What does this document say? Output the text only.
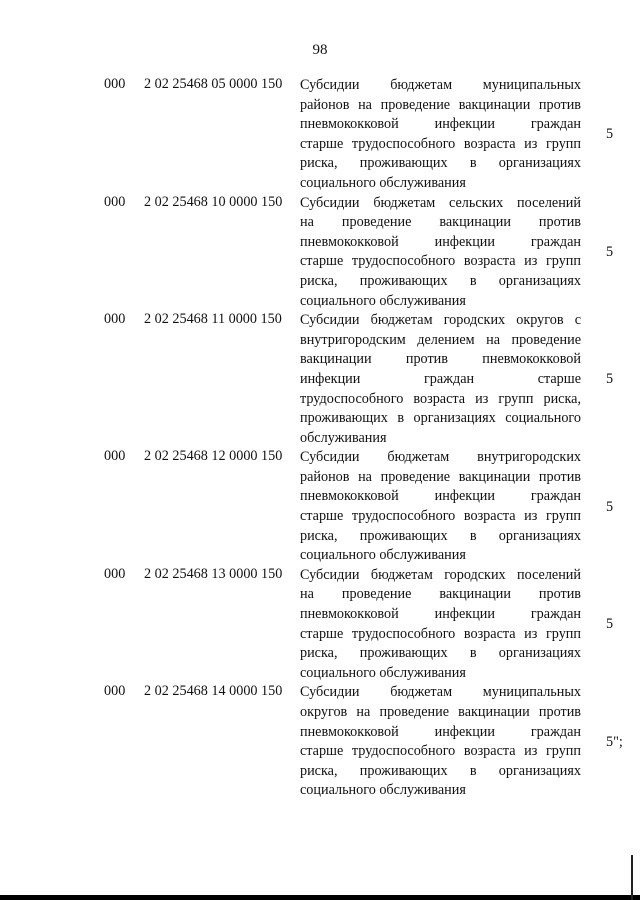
98
000 2 02 25468 05 0000 150 Субсидии бюджетам муниципальных
районов на проведение вакцинации против
пневмококковой инфекции граждан
старше трудоспособного возраста из групп
риска, проживающих в организациях
социального обслуживания
5
000 2 02 25468 10 0000 150 Субсидии бюджетам сельских поселений
на проведение вакцинации против
пневмококковой инфекции граждан
старше трудоспособного возраста из групп
риска, проживающих в организациях
социального обслуживания
5
000 2 02 25468 11 0000 150 Субсидии бюджетам городских округов с
внутригородским делением на проведение
вакцинации против пневмококковой
инфекции граждан старше
трудоспособного возраста из групп риска,
проживающих в организациях социального
обслуживания
5
000 2 02 25468 12 0000 150 Субсидии бюджетам внутригородских
районов на проведение вакцинации против
пневмококковой инфекции граждан
старше трудоспособного возраста из групп
риска, проживающих в организациях
социального обслуживания
5
000 2 02 25468 13 0000 150 Субсидии бюджетам городских поселений
на проведение вакцинации против
пневмококковой инфекции граждан
старше трудоспособного возраста из групп
риска, проживающих в организациях
социального обслуживания
5
000 2 02 25468 14 0000 150 Субсидии бюджетам муниципальных
округов на проведение вакцинации против
пневмококковой инфекции граждан
старше трудоспособного возраста из групп
риска, проживающих в организациях
социального обслуживания
5";
